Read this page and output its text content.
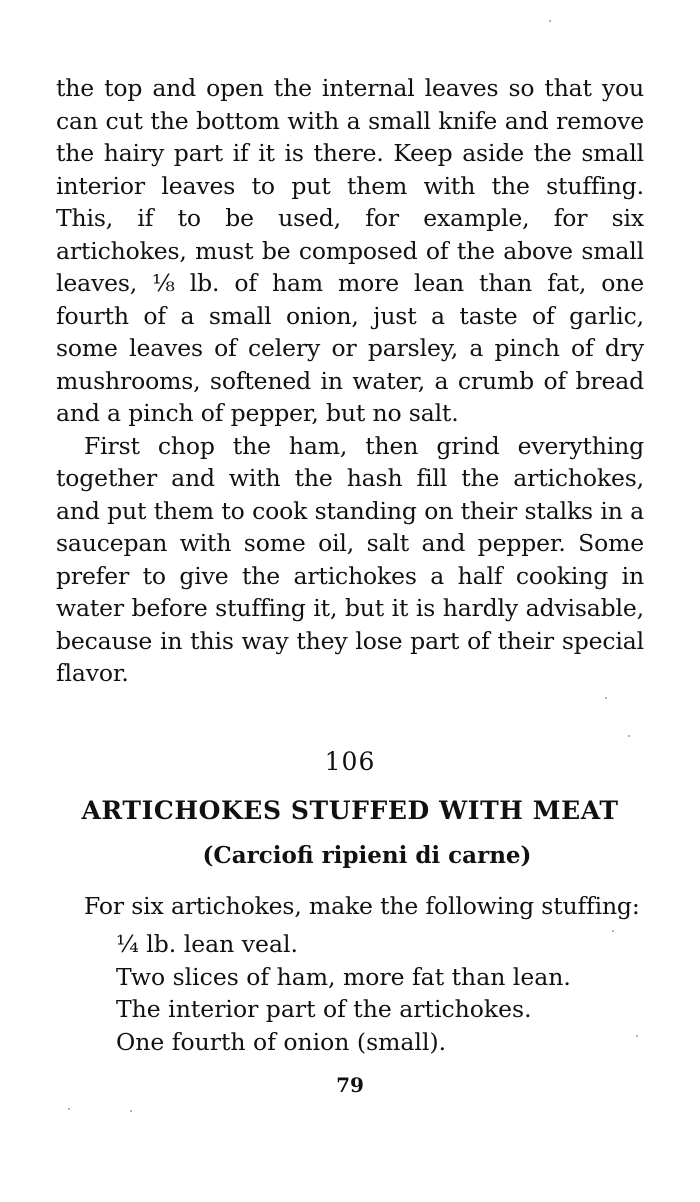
the top and open the internal leaves so that you can cut the bottom with a small knife and remove the hairy part if it is there. Keep aside the small interior leaves to put them with the stuffing. This, if to be used, for example, for six artichokes, must be composed of the above small leaves, ⅛ lb. of ham more lean than fat, one fourth of a small onion, just a taste of garlic, some leaves of celery or parsley, a pinch of dry mushrooms, softened in water, a crumb of bread and a pinch of pepper, but no salt.

First chop the ham, then grind everything together and with the hash fill the artichokes, and put them to cook standing on their stalks in a saucepan with some oil, salt and pepper. Some prefer to give the artichokes a half cooking in water before stuffing it, but it is hardly advisable, because in this way they lose part of their special flavor.

106
ARTICHOKES STUFFED WITH MEAT
(Carciofi ripieni di carne)

For six artichokes, make the following stuffing:

¼ lb. lean veal.
Two slices of ham, more fat than lean.
The interior part of the artichokes.
One fourth of onion (small).
79
